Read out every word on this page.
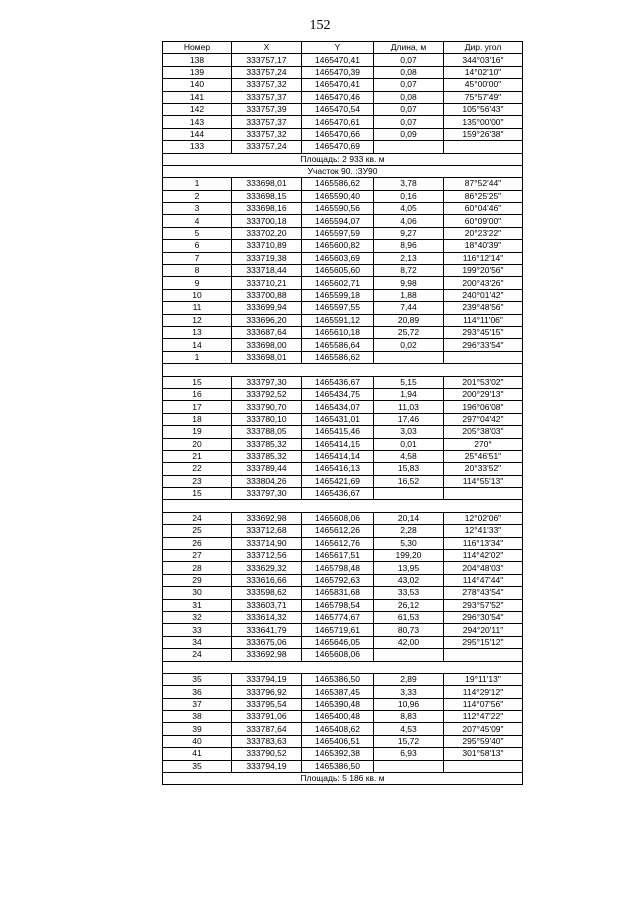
152
Номер	X	Y	Длина, м	Дир. угол
138	333757,17	1465470,41	0,07	344°03'16"
139	333757,24	1465470,39	0,08	14°02'10"
140	333757,32	1465470,41	0,07	45°00'00"
141	333757,37	1465470,46	0,08	75°57'49"
142	333757,39	1465470,54	0,07	105°56'43"
143	333757,37	1465470,61	0,07	135°00'00"
144	333757,32	1465470,66	0,09	159°26'38"
133	333757,24	1465470,69		
Площадь: 2 933 кв. м				
Участок 90. :ЗУ90				
1	333698,01	1465586,62	3,78	87°52'44"
2	333698,15	1465590,40	0,16	86°25'25"
3	333698,16	1465590,56	4,05	60°04'46"
4	333700,18	1465594,07	4,06	60°09'00"
5	333702,20	1465597,59	9,27	20°23'22"
6	333710,89	1465600,82	8,96	18°40'39"
7	333719,38	1465603,69	2,13	116°12'14"
8	333718,44	1465605,60	8,72	199°20'56"
9	333710,21	1465602,71	9,98	200°43'26"
10	333700,88	1465599,18	1,88	240°01'42"
11	333699,94	1465597,55	7,44	239°48'56"
12	333696,20	1465591,12	20,89	114°11'06"
13	333687,64	1465610,18	25,72	293°45'15"
14	333698,00	1465586,64	0,02	296°33'54"
1	333698,01	1465586,62		

15	333797,30	1465436,67	5,15	201°53'02"
16	333792,52	1465434,75	1,94	200°29'13"
17	333790,70	1465434,07	11,03	196°06'08"
18	333780,10	1465431,01	17,46	297°04'42"
19	333788,05	1465415,46	3,03	205°38'03"
20	333785,32	1465414,15	0,01	270°
21	333785,32	1465414,14	4,58	25°46'51"
22	333789,44	1465416,13	15,83	20°33'52"
23	333804,26	1465421,69	16,52	114°55'13"
15	333797,30	1465436,67		

24	333692,98	1465608,06	20,14	12°02'06"
25	333712,68	1465612,26	2,28	12°41'33"
26	333714,90	1465612,76	5,30	116°13'34"
27	333712,56	1465617,51	199,20	114°42'02"
28	333629,32	1465798,48	13,95	204°48'03"
29	333616,66	1465792,63	43,02	114°47'44"
30	333598,62	1465831,68	33,53	278°43'54"
31	333603,71	1465798,54	26,12	293°57'52"
32	333614,32	1465774,67	61,53	296°30'54"
33	333641,79	1465719,61	80,73	294°20'11"
34	333675,06	1465646,05	42,00	295°15'12"
24	333692,98	1465608,06		

35	333794,19	1465386,50	2,89	19°11'13"
36	333796,92	1465387,45	3,33	114°29'12"
37	333795,54	1465390,48	10,96	114°07'56"
38	333791,06	1465400,48	8,83	112°47'22"
39	333787,64	1465408,62	4,53	207°45'09"
40	333783,63	1465406,51	15,72	295°59'40"
41	333790,52	1465392,38	6,93	301°58'13"
35	333794,19	1465386,50		
Площадь: 5 186 кв. м				
